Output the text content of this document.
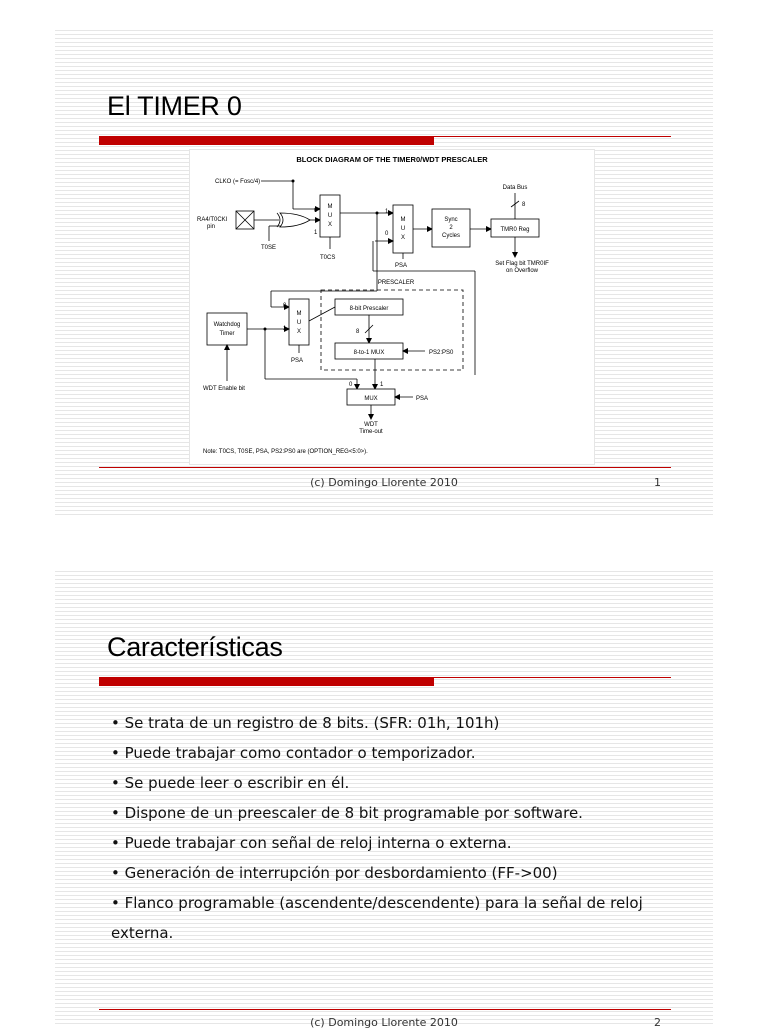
El TIMER 0
BLOCK DIAGRAM OF THE TIMER0/WDT PRESCALER
CLKO (= Fosc/4)
RA4/T0CKI
pin
T0SE
0
1
M
U
X
T0CS
1
0
M
U
X
PSA
Sync
2
Cycles
TMR0 Reg
Data Bus
8
Set Flag bit TMR0IF
on Overflow
PRESCALER
8-bit Prescaler
8
8-to-1 MUX	PS2:PS0
0
1
M
U
X
PSA
Watchdog
Timer
WDT Enable bit
0	1
MUX	PSA
WDT
Time-out
Note: T0CS, T0SE, PSA, PS2:PS0 are (OPTION_REG<5:0>).
(c) Domingo Llorente 2010	1
Características
• Se trata de un registro de 8 bits. (SFR: 01h, 101h)
• Puede trabajar como contador o temporizador.
• Se puede leer o escribir en él.
• Dispone de un preescaler de 8 bit programable por software.
• Puede trabajar con señal de reloj interna o externa.
• Generación de interrupción por desbordamiento (FF->00)
• Flanco programable (ascendente/descendente) para la señal de reloj externa.
(c) Domingo Llorente 2010	2
